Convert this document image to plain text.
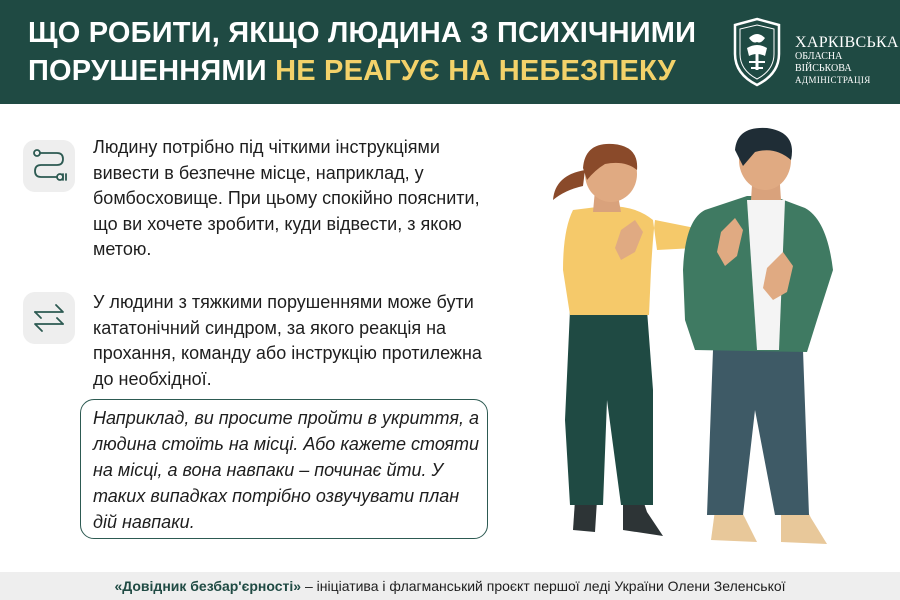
ЩО РОБИТИ, ЯКЩО ЛЮДИНА З ПСИХІЧНИМИ ПОРУШЕННЯМИ НЕ РЕАГУЄ НА НЕБЕЗПЕКУ
ХАРКІВСЬКА
ОБЛАСНА ВІЙСЬКОВА
АДМІНІСТРАЦІЯ
Людину потрібно під чіткими інструкціями вивести в безпечне місце, наприклад, у бомбосховище. При цьому спокійно пояснити, що ви хочете зробити, куди відвести, з якою метою.
У людини з тяжкими порушеннями може бути кататонічний синдром, за якого реакція на прохання, команду або інструкцію протилежна до необхідної.
Наприклад, ви просите пройти в укриття, а людина стоїть на місці. Або кажете стояти на місці, а вона навпаки – починає йти. У таких випадках потрібно озвучувати план дій навпаки.
«Довідник безбар'єрності» – ініціатива і флагманський проєкт першої леді України Олени Зеленської
